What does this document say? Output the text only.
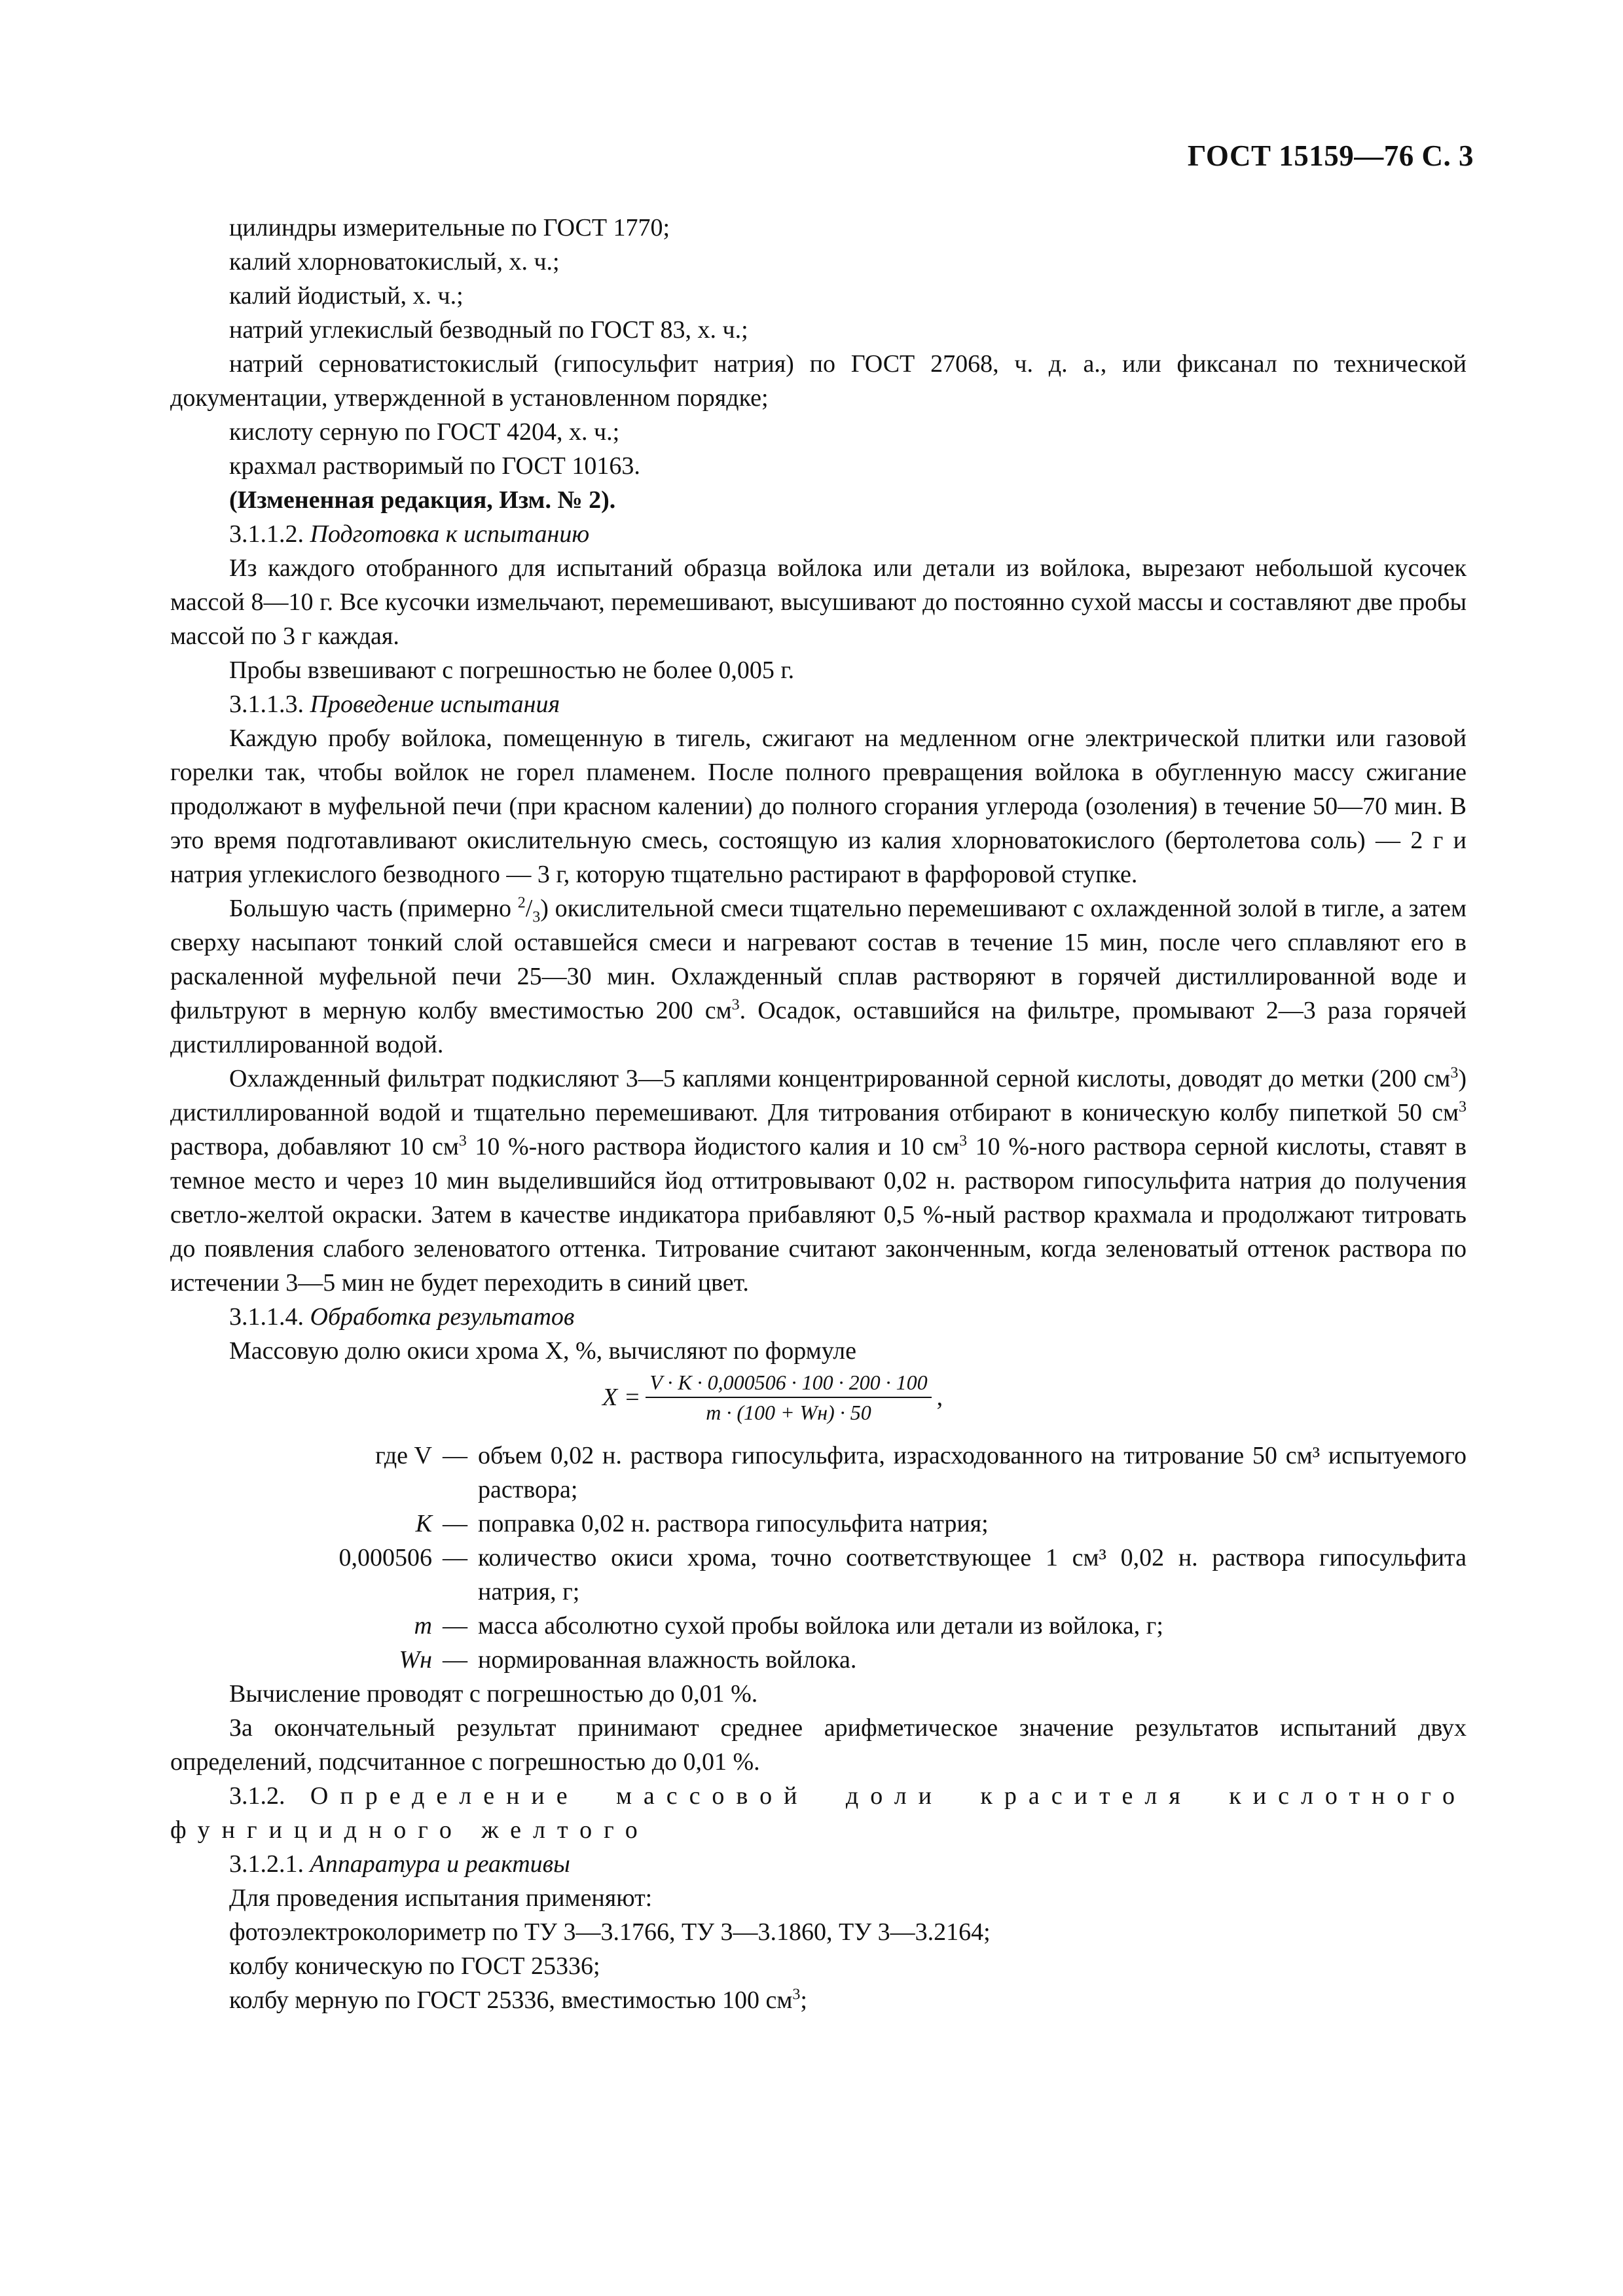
ГОСТ 15159—76 С. 3
цилиндры измерительные по ГОСТ 1770;
калий хлорноватокислый, х. ч.;
калий йодистый, х. ч.;
натрий углекислый безводный по ГОСТ 83, х. ч.;
натрий серноватистокислый (гипосульфит натрия) по ГОСТ 27068, ч. д. а., или фиксанал по технической документации, утвержденной в установленном порядке;
кислоту серную по ГОСТ 4204, х. ч.;
крахмал растворимый по ГОСТ 10163.
(Измененная редакция, Изм. № 2).
3.1.1.2. Подготовка к испытанию

Из каждого отобранного для испытаний образца войлока или детали из войлока, вырезают небольшой кусочек массой 8—10 г. Все кусочки измельчают, перемешивают, высушивают до постоянно сухой массы и составляют две пробы массой по 3 г каждая.

Пробы взвешивают с погрешностью не более 0,005 г.

3.1.1.3. Проведение испытания

Каждую пробу войлока, помещенную в тигель, сжигают на медленном огне электрической плитки или газовой горелки так, чтобы войлок не горел пламенем. После полного превращения войлока в обугленную массу сжигание продолжают в муфельной печи (при красном калении) до полного сгорания углерода (озоления) в течение 50—70 мин. В это время подготавливают окислительную смесь, состоящую из калия хлорноватокислого (бертолетова соль) — 2 г и натрия углекислого безводного — 3 г, которую тщательно растирают в фарфоровой ступке.

Большую часть (примерно $^2/_3$) окислительной смеси тщательно перемешивают с охлажденной золой в тигле, а затем сверху насыпают тонкий слой оставшейся смеси и нагревают состав в течение 15 мин, после чего сплавляют его в раскаленной муфельной печи 25—30 мин. Охлажденный сплав растворяют в горячей дистиллированной воде и фильтруют в мерную колбу вместимостью 200 $см^3$. Осадок, оставшийся на фильтре, промывают 2—3 раза горячей дистиллированной водой.

Охлажденный фильтрат подкисляют 3—5 каплями концентрированной серной кислоты, доводят до метки (200 $см^3$) дистиллированной водой и тщательно перемешивают. Для титрования отбирают в коническую колбу пипеткой 50 $см^3$ раствора, добавляют 10 $см^3$ 10 %-ного раствора йодистого калия и 10 $см^3$ 10 %-ного раствора серной кислоты, ставят в темное место и через 10 мин выделившийся йод оттитровывают 0,02 н. раствором гипосульфита натрия до получения светло-желтой окраски. Затем в качестве индикатора прибавляют 0,5 %-ный раствор крахмала и продолжают титровать до появления слабого зеленоватого оттенка. Титрование считают законченным, когда зеленоватый оттенок раствора по истечении 3—5 мин не будет переходить в синий цвет.

3.1.1.4. Обработка результатов
Массовую долю окиси хрома X, %, вычисляют по формуле
$X = \frac{V \cdot K \cdot 0,000506 \cdot 100 \cdot 200 \cdot 100}{m \cdot (100 + Wн) \cdot 50}$ ,
где V — объем 0,02 н. раствора гипосульфита, израсходованного на титрование 50 см³ испытуемого раствора;
K — поправка 0,02 н. раствора гипосульфита натрия;
0,000506 — количество окиси хрома, точно соответствующее 1 см³ 0,02 н. раствора гипосульфита натрия, г;
m — масса абсолютно сухой пробы войлока или детали из войлока, г;
Wн — нормированная влажность войлока.

Вычисление проводят с погрешностью до 0,01 %.

За окончательный результат принимают среднее арифметическое значение результатов испытаний двух определений, подсчитанное с погрешностью до 0,01 %.

3.1.2. Определение массовой доли красителя кислотного фунгицидного желтого

3.1.2.1. Аппаратура и реактивы
Для проведения испытания применяют:
фотоэлектроколориметр по ТУ 3—3.1766, ТУ 3—3.1860, ТУ 3—3.2164;
колбу коническую по ГОСТ 25336;
колбу мерную по ГОСТ 25336, вместимостью 100 $см^3$;
